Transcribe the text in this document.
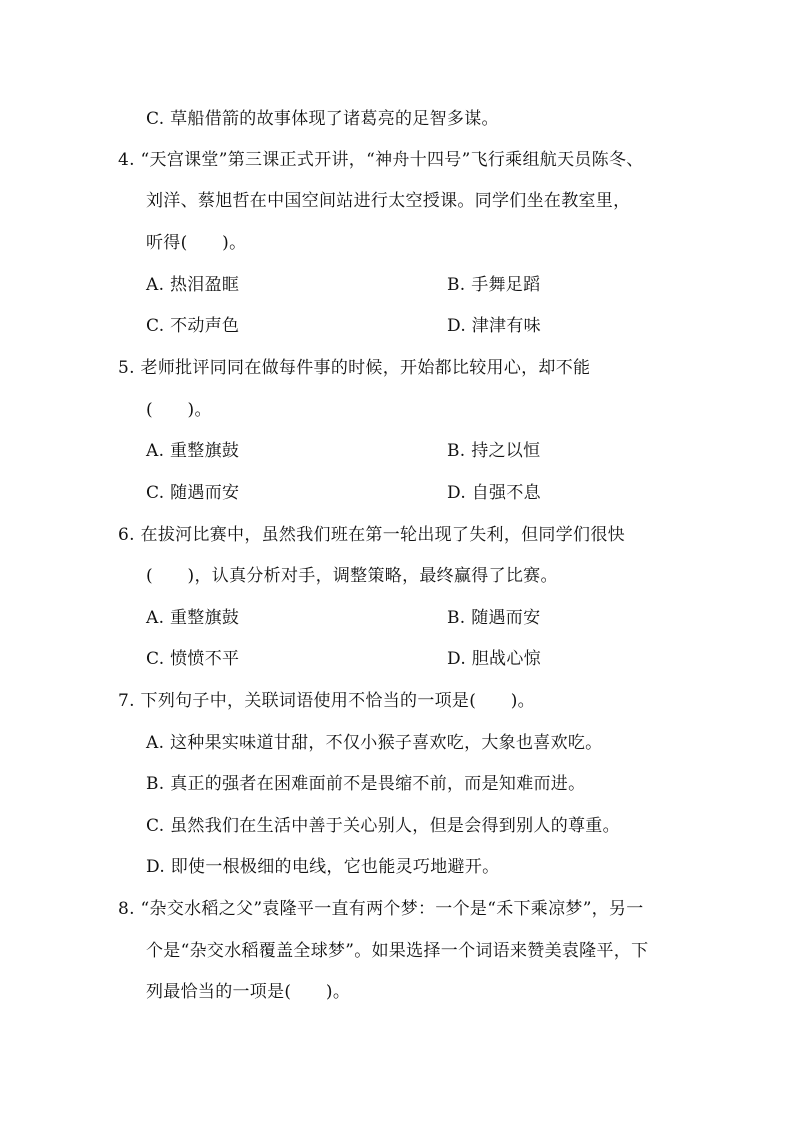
C. 草船借箭的故事体现了诸葛亮的足智多谋。
4. “天宫课堂”第三课正式开讲，“神舟十四号”飞行乘组航天员陈冬、
刘洋、蔡旭哲在中国空间站进行太空授课。同学们坐在教室里，
听得(　　)。
A. 热泪盈眶	B. 手舞足蹈
C. 不动声色	D. 津津有味
5. 老师批评同同在做每件事的时候，开始都比较用心，却不能
(　　)。
A. 重整旗鼓	B. 持之以恒
C. 随遇而安	D. 自强不息
6. 在拔河比赛中，虽然我们班在第一轮出现了失利，但同学们很快
(　　)，认真分析对手，调整策略，最终赢得了比赛。
A. 重整旗鼓	B. 随遇而安
C. 愤愤不平	D. 胆战心惊
7. 下列句子中，关联词语使用不恰当的一项是(　　)。
A. 这种果实味道甘甜，不仅小猴子喜欢吃，大象也喜欢吃。
B. 真正的强者在困难面前不是畏缩不前，而是知难而进。
C. 虽然我们在生活中善于关心别人，但是会得到别人的尊重。
D. 即使一根极细的电线，它也能灵巧地避开。
8. “杂交水稻之父”袁隆平一直有两个梦：一个是“禾下乘凉梦”，另一
个是“杂交水稻覆盖全球梦”。如果选择一个词语来赞美袁隆平，下
列最恰当的一项是(　　)。
